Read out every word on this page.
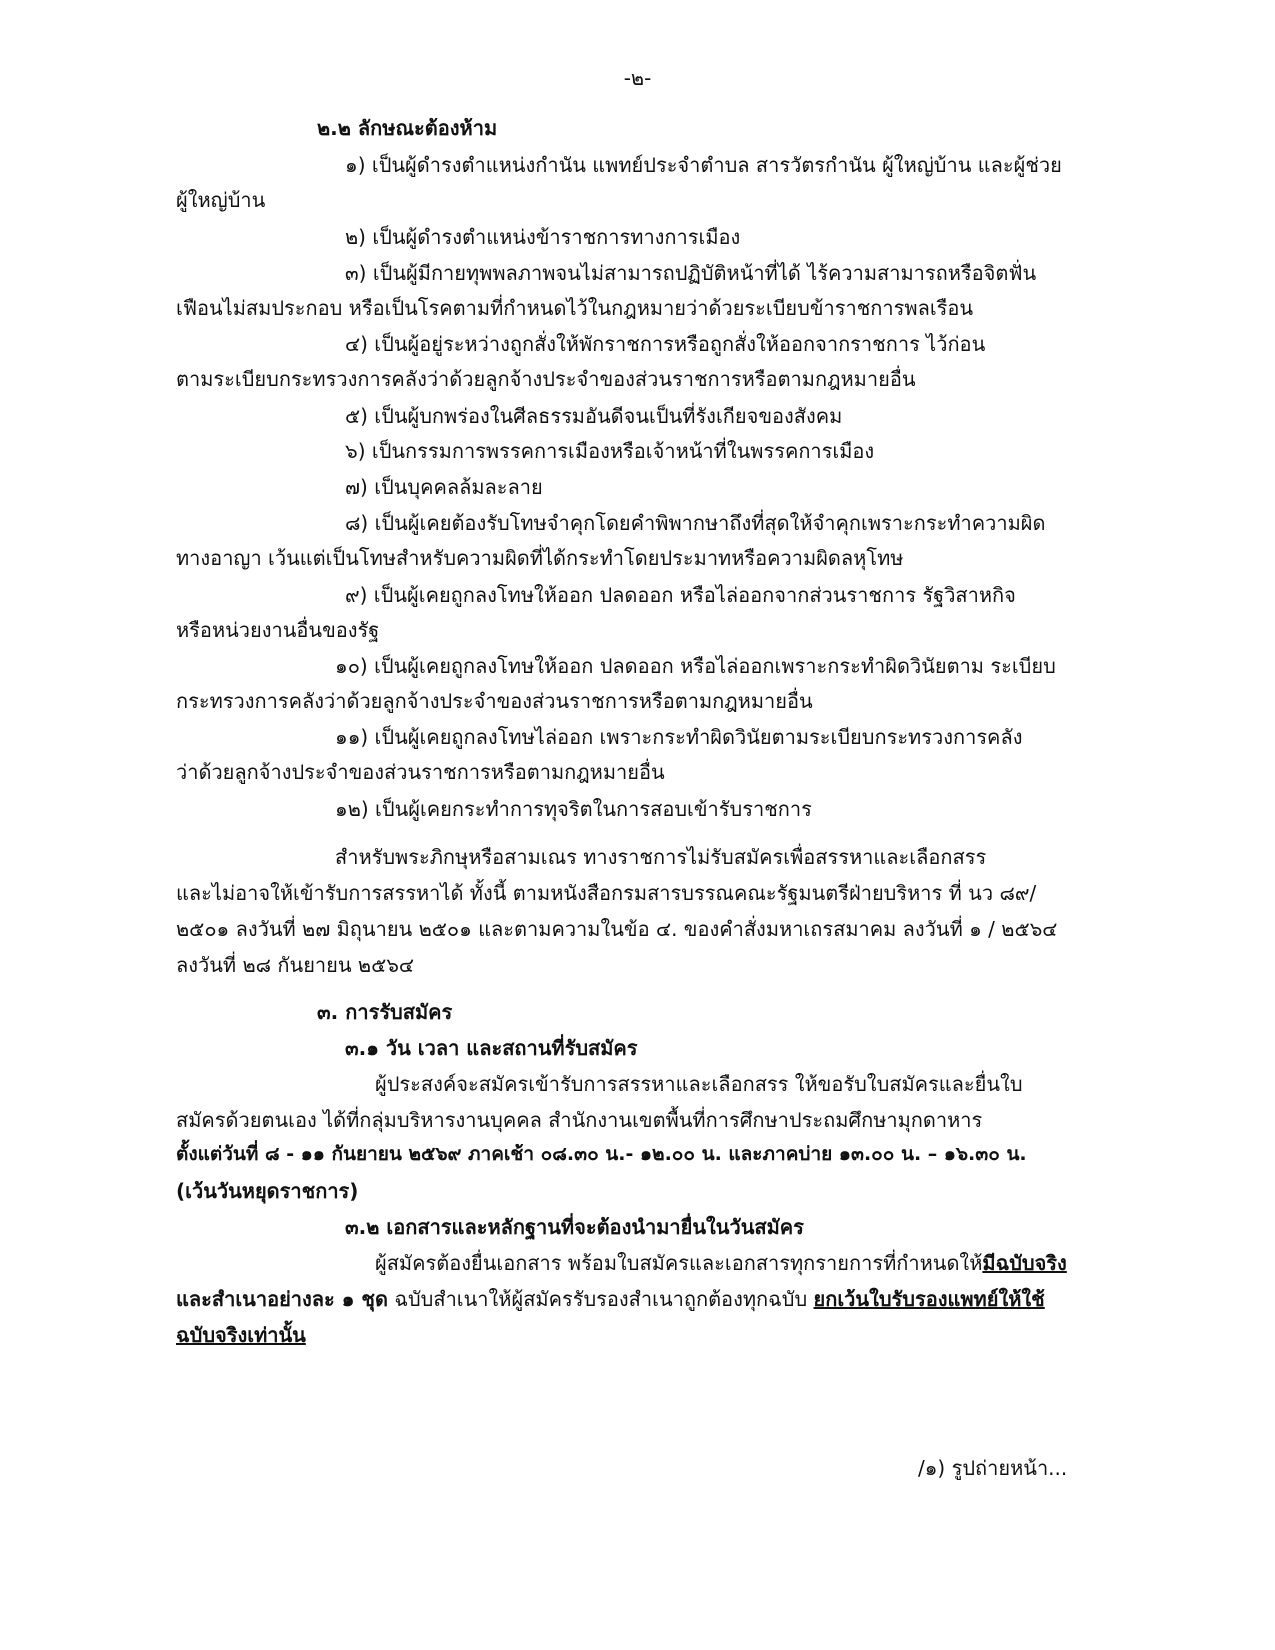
-๒-
๒.๒ ลักษณะต้องห้าม
๑) เป็นผู้ดำรงตำแหน่งกำนัน แพทย์ประจำตำบล สารวัตรกำนัน ผู้ใหญ่บ้าน และผู้ช่วย
ผู้ใหญ่บ้าน
๒) เป็นผู้ดำรงตำแหน่งข้าราชการทางการเมือง
๓) เป็นผู้มีกายทุพพลภาพจนไม่สามารถปฏิบัติหน้าที่ได้ ไร้ความสามารถหรือจิตฟั่น
เฟือนไม่สมประกอบ หรือเป็นโรคตามที่กำหนดไว้ในกฎหมายว่าด้วยระเบียบข้าราชการพลเรือน
๔) เป็นผู้อยู่ระหว่างถูกสั่งให้พักราชการหรือถูกสั่งให้ออกจากราชการ ไว้ก่อน
ตามระเบียบกระทรวงการคลังว่าด้วยลูกจ้างประจำของส่วนราชการหรือตามกฎหมายอื่น
๕) เป็นผู้บกพร่องในศีลธรรมอันดีจนเป็นที่รังเกียจของสังคม
๖) เป็นกรรมการพรรคการเมืองหรือเจ้าหน้าที่ในพรรคการเมือง
๗) เป็นบุคคลล้มละลาย
๘) เป็นผู้เคยต้องรับโทษจำคุกโดยคำพิพากษาถึงที่สุดให้จำคุกเพราะกระทำความผิด
ทางอาญา เว้นแต่เป็นโทษสำหรับความผิดที่ได้กระทำโดยประมาทหรือความผิดลหุโทษ
๙) เป็นผู้เคยถูกลงโทษให้ออก ปลดออก หรือไล่ออกจากส่วนราชการ รัฐวิสาหกิจ
หรือหน่วยงานอื่นของรัฐ
๑๐) เป็นผู้เคยถูกลงโทษให้ออก ปลดออก หรือไล่ออกเพราะกระทำผิดวินัยตาม ระเบียบ
กระทรวงการคลังว่าด้วยลูกจ้างประจำของส่วนราชการหรือตามกฎหมายอื่น
๑๑) เป็นผู้เคยถูกลงโทษไล่ออก เพราะกระทำผิดวินัยตามระเบียบกระทรวงการคลัง
ว่าด้วยลูกจ้างประจำของส่วนราชการหรือตามกฎหมายอื่น
๑๒) เป็นผู้เคยกระทำการทุจริตในการสอบเข้ารับราชการ
สำหรับพระภิกษุหรือสามเณร ทางราชการไม่รับสมัครเพื่อสรรหาและเลือกสรร
และไม่อาจให้เข้ารับการสรรหาได้ ทั้งนี้ ตามหนังสือกรมสารบรรณคณะรัฐมนตรีฝ่ายบริหาร ที่ นว ๘๙/
๒๕๐๑ ลงวันที่ ๒๗ มิถุนายน ๒๕๐๑ และตามความในข้อ ๔. ของคำสั่งมหาเถรสมาคม ลงวันที่ ๑ / ๒๕๖๔
ลงวันที่ ๒๘ กันยายน ๒๕๖๔
๓. การรับสมัคร
๓.๑ วัน เวลา และสถานที่รับสมัคร
ผู้ประสงค์จะสมัครเข้ารับการสรรหาและเลือกสรร ให้ขอรับใบสมัครและยื่นใบ
สมัครด้วยตนเอง ได้ที่กลุ่มบริหารงานบุคคล สำนักงานเขตพื้นที่การศึกษาประถมศึกษามุกดาหาร
ตั้งแต่วันที่ ๘ - ๑๑ กันยายน ๒๕๖๙ ภาคเช้า ๐๘.๓๐ น.- ๑๒.๐๐ น. และภาคบ่าย ๑๓.๐๐ น. – ๑๖.๓๐ น.
(เว้นวันหยุดราชการ)
๓.๒ เอกสารและหลักฐานที่จะต้องนำมายื่นในวันสมัคร
ผู้สมัครต้องยื่นเอกสาร พร้อมใบสมัครและเอกสารทุกรายการที่กำหนดให้มีฉบับจริง
และสำเนาอย่างละ ๑ ชุด ฉบับสำเนาให้ผู้สมัครรับรองสำเนาถูกต้องทุกฉบับ ยกเว้นใบรับรองแพทย์ให้ใช้
ฉบับจริงเท่านั้น
/๑) รูปถ่ายหน้า...
